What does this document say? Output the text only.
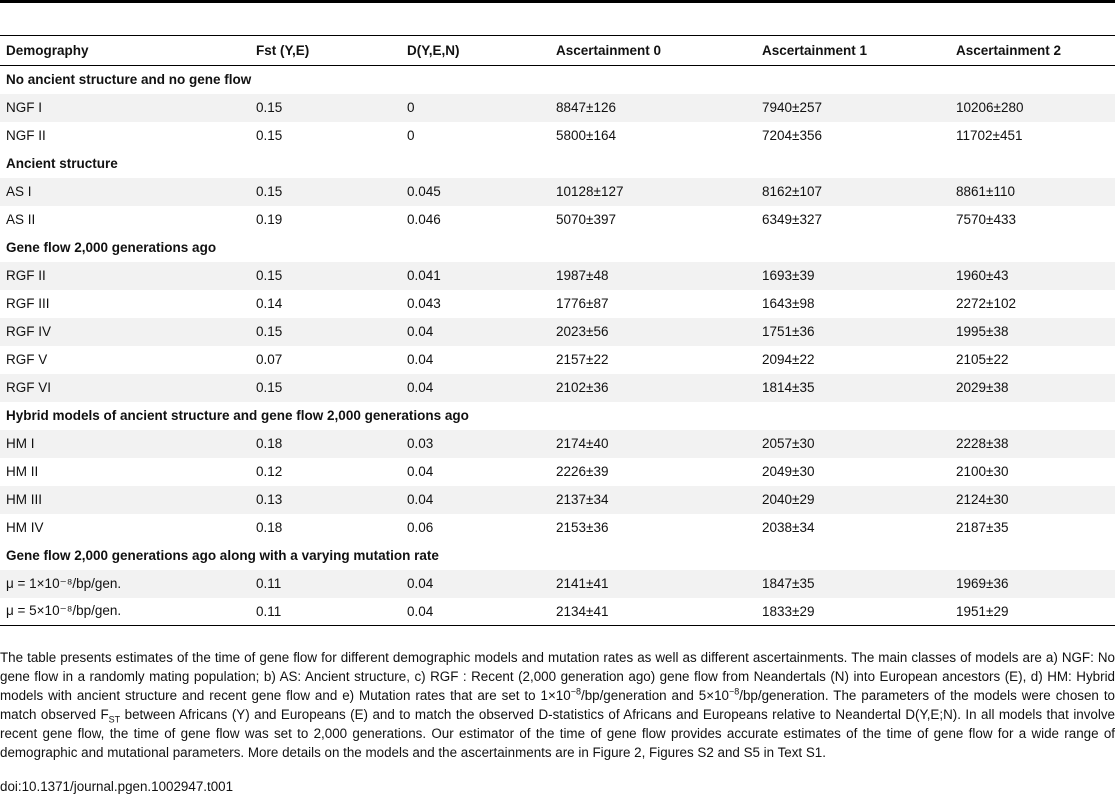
Demography	Fst (Y,E)	D(Y,E,N)	Ascertainment 0	Ascertainment 1	Ascertainment 2
No ancient structure and no gene flow					
NGF I	0.15	0	8847±126	7940±257	10206±280
NGF II	0.15	0	5800±164	7204±356	11702±451
Ancient structure					
AS I	0.15	0.045	10128±127	8162±107	8861±110
AS II	0.19	0.046	5070±397	6349±327	7570±433
Gene flow 2,000 generations ago					
RGF II	0.15	0.041	1987±48	1693±39	1960±43
RGF III	0.14	0.043	1776±87	1643±98	2272±102
RGF IV	0.15	0.04	2023±56	1751±36	1995±38
RGF V	0.07	0.04	2157±22	2094±22	2105±22
RGF VI	0.15	0.04	2102±36	1814±35	2029±38
Hybrid models of ancient structure and gene flow 2,000 generations ago					
HM I	0.18	0.03	2174±40	2057±30	2228±38
HM II	0.12	0.04	2226±39	2049±30	2100±30
HM III	0.13	0.04	2137±34	2040±29	2124±30
HM IV	0.18	0.06	2153±36	2038±34	2187±35
Gene flow 2,000 generations ago along with a varying mutation rate					
μ = 1×10⁻⁸/bp/gen.	0.11	0.04	2141±41	1847±35	1969±36
μ = 5×10⁻⁸/bp/gen.	0.11	0.04	2134±41	1833±29	1951±29
The table presents estimates of the time of gene flow for different demographic models and mutation rates as well as different ascertainments. The main classes of models are a) NGF: No gene flow in a randomly mating population; b) AS: Ancient structure, c) RGF : Recent (2,000 generation ago) gene flow from Neandertals (N) into European ancestors (E), d) HM: Hybrid models with ancient structure and recent gene flow and e) Mutation rates that are set to $1\times 10^{-8}/bp$/generation and $5\times 10^{-8}/bp$/generation. The parameters of the models were chosen to match observed $F_{ST}$ between Africans (Y) and Europeans (E) and to match the observed D-statistics of Africans and Europeans relative to Neandertal D(Y,E;N). In all models that involve recent gene flow, the time of gene flow was set to 2,000 generations. Our estimator of the time of gene flow provides accurate estimates of the time of gene flow for a wide range of demographic and mutational parameters. More details on the models and the ascertainments are in Figure 2, Figures S2 and S5 in Text S1.
doi:10.1371/journal.pgen.1002947.t001
